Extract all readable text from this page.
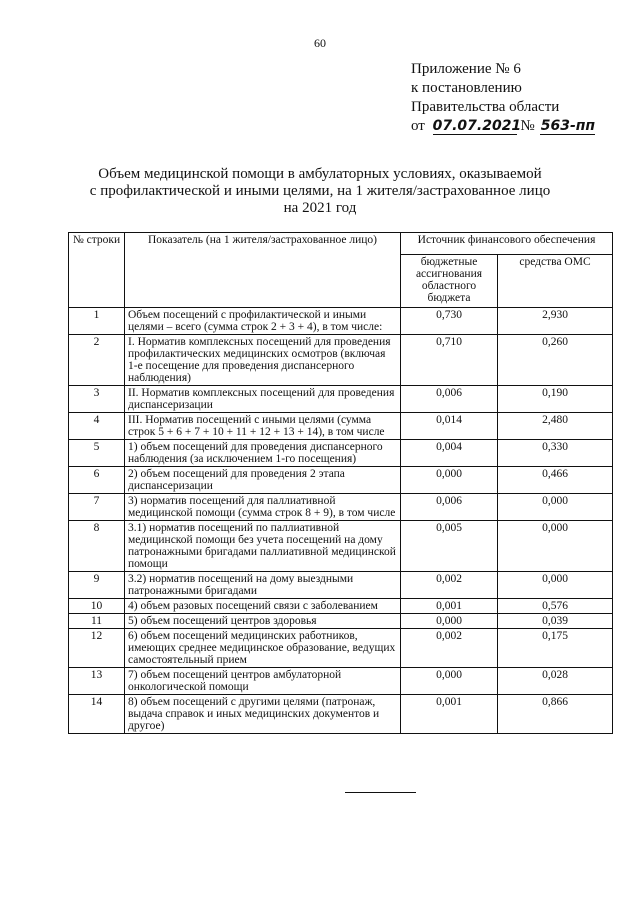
60
Приложение № 6
к постановлению
Правительства области
от 07.07.2021 № 563-пп
Объем медицинской помощи в амбулаторных условиях, оказываемой
с профилактической и иными целями, на 1 жителя/застрахованное лицо
на 2021 год
№ строки	Показатель (на 1 жителя/застрахованное лицо)	Источник финансового обеспечения	
		бюджетные ассигнования областного бюджета	средства ОМС
1	Объем посещений с профилактической и иными целями – всего (сумма строк 2 + 3 + 4), в том числе:	0,730	2,930
2	I. Норматив комплексных посещений для проведения профилактических медицинских осмотров (включая 1-е посещение для проведения диспансерного наблюдения)	0,710	0,260
3	II. Норматив комплексных посещений для проведения диспансеризации	0,006	0,190
4	III. Норматив посещений с иными целями (сумма строк 5 + 6 + 7 + 10 + 11 + 12 + 13 + 14), в том числе	0,014	2,480
5	1) объем посещений для проведения диспансерного наблюдения (за исключением 1-го посещения)	0,004	0,330
6	2) объем посещений для проведения 2 этапа диспансеризации	0,000	0,466
7	3) норматив посещений для паллиативной медицинской помощи (сумма строк 8 + 9), в том числе	0,006	0,000
8	3.1) норматив посещений по паллиативной медицинской помощи без учета посещений на дому патронажными бригадами паллиативной медицинской помощи	0,005	0,000
9	3.2) норматив посещений на дому выездными патронажными бригадами	0,002	0,000
10	4) объем разовых посещений связи с заболеванием	0,001	0,576
11	5) объем посещений центров здоровья	0,000	0,039
12	6) объем посещений медицинских работников, имеющих среднее медицинское образование, ведущих самостоятельный прием	0,002	0,175
13	7) объем посещений центров амбулаторной онкологической помощи	0,000	0,028
14	8) объем посещений с другими целями (патронаж, выдача справок и иных медицинских документов и другое)	0,001	0,866
